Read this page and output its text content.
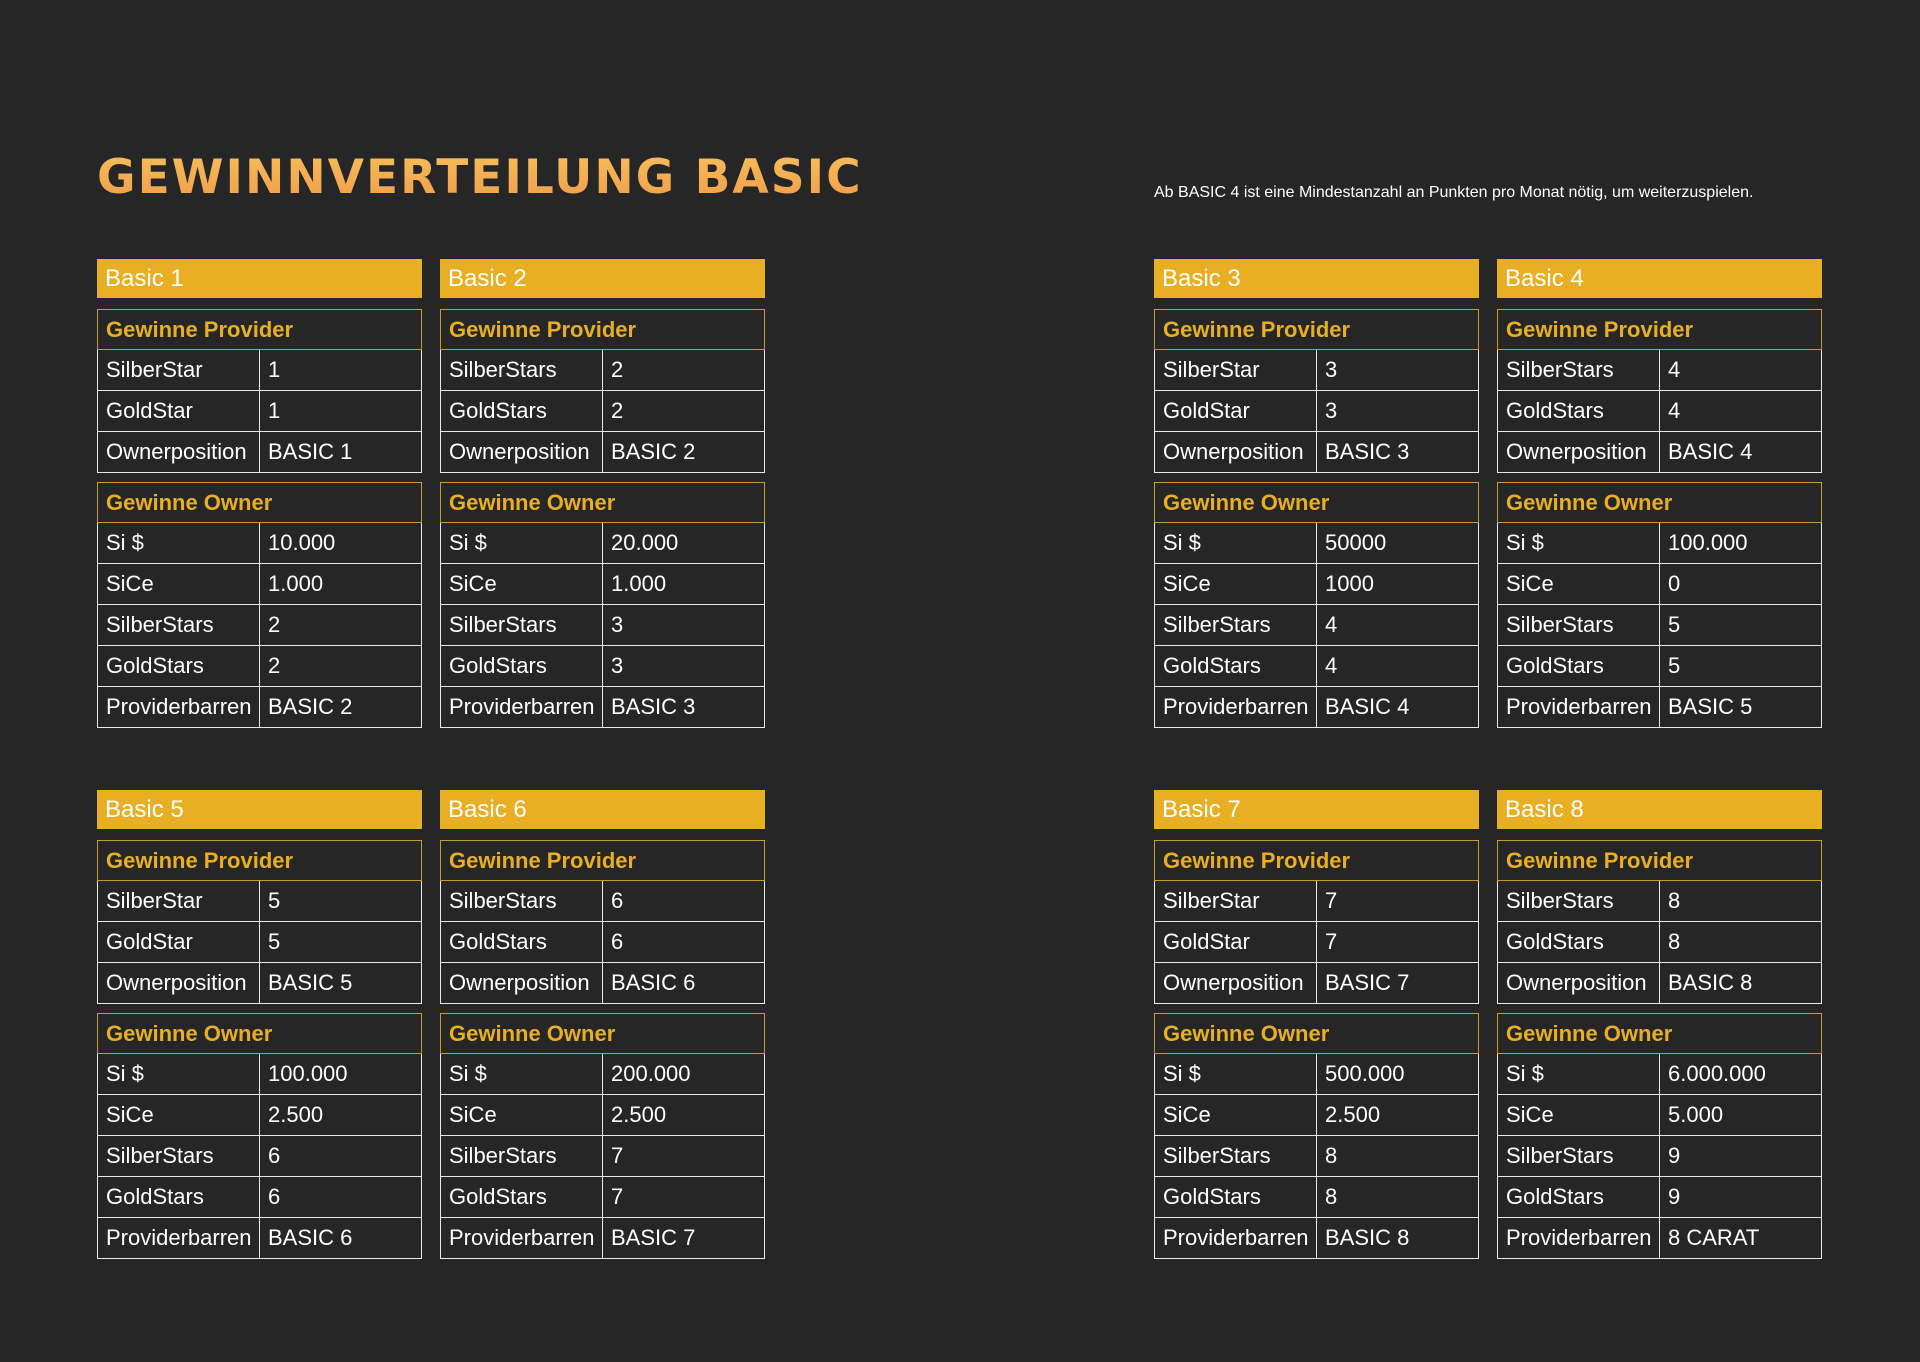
GEWINNVERTEILUNG BASIC	Ab BASIC 4 ist eine Mindestanzahl an Punkten pro Monat nötig, um weiterzuspielen.
Basic 1
Gewinne Provider	
SilberStar	1
GoldStar	1
Ownerposition	BASIC 1
Gewinne Owner	
Si $	10.000
SiCe	1.000
SilberStars	2
GoldStars	2
Providerbarren	BASIC 2
Basic 2
Gewinne Provider	
SilberStars	2
GoldStars	2
Ownerposition	BASIC 2
Gewinne Owner	
Si $	20.000
SiCe	1.000
SilberStars	3
GoldStars	3
Providerbarren	BASIC 3
Basic 3
Gewinne Provider	
SilberStar	3
GoldStar	3
Ownerposition	BASIC 3
Gewinne Owner	
Si $	50000
SiCe	1000
SilberStars	4
GoldStars	4
Providerbarren	BASIC 4
Basic 4
Gewinne Provider	
SilberStars	4
GoldStars	4
Ownerposition	BASIC 4
Gewinne Owner	
Si $	100.000
SiCe	0
SilberStars	5
GoldStars	5
Providerbarren	BASIC 5
Basic 5
Gewinne Provider	
SilberStar	5
GoldStar	5
Ownerposition	BASIC 5
Gewinne Owner	
Si $	100.000
SiCe	2.500
SilberStars	6
GoldStars	6
Providerbarren	BASIC 6
Basic 6
Gewinne Provider	
SilberStars	6
GoldStars	6
Ownerposition	BASIC 6
Gewinne Owner	
Si $	200.000
SiCe	2.500
SilberStars	7
GoldStars	7
Providerbarren	BASIC 7
Basic 7
Gewinne Provider	
SilberStar	7
GoldStar	7
Ownerposition	BASIC 7
Gewinne Owner	
Si $	500.000
SiCe	2.500
SilberStars	8
GoldStars	8
Providerbarren	BASIC 8
Basic 8
Gewinne Provider	
SilberStars	8
GoldStars	8
Ownerposition	BASIC 8
Gewinne Owner	
Si $	6.000.000
SiCe	5.000
SilberStars	9
GoldStars	9
Providerbarren	8 CARAT
